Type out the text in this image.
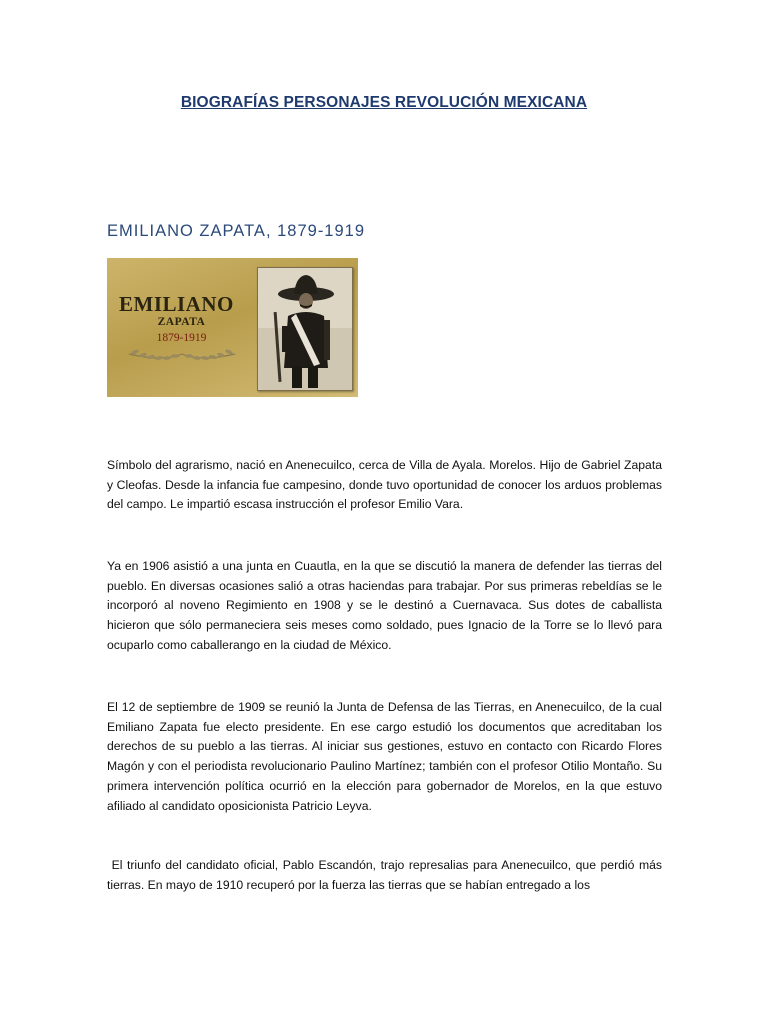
BIOGRAFÍAS PERSONAJES REVOLUCIÓN MEXICANA
EMILIANO ZAPATA, 1879-1919
EMILIANO
ZAPATA
1879-1919
Símbolo del agrarismo, nació en Anenecuilco, cerca de Villa de Ayala. Morelos. Hijo de Gabriel Zapata y Cleofas. Desde la infancia fue campesino, donde tuvo oportunidad de conocer los arduos problemas del campo. Le impartió escasa instrucción el profesor Emilio Vara.
Ya en 1906 asistió a una junta en Cuautla, en la que se discutió la manera de defender las tierras del pueblo. En diversas ocasiones salió a otras haciendas para trabajar. Por sus primeras rebeldías se le incorporó al noveno Regimiento en 1908 y se le destinó a Cuernavaca. Sus dotes de caballista hicieron que sólo permaneciera seis meses como soldado, pues Ignacio de la Torre se lo llevó para ocuparlo como caballerango en la ciudad de México.
El 12 de septiembre de 1909 se reunió la Junta de Defensa de las Tierras, en Anenecuilco, de la cual Emiliano Zapata fue electo presidente. En ese cargo estudió los documentos que acreditaban los derechos de su pueblo a las tierras. Al iniciar sus gestiones, estuvo en contacto con Ricardo Flores Magón y con el periodista revolucionario Paulino Martínez; también con el profesor Otilio Montaño. Su primera intervención política ocurrió en la elección para gobernador de Morelos, en la que estuvo afiliado al candidato oposicionista Patricio Leyva.
El triunfo del candidato oficial, Pablo Escandón, trajo represalias para Anenecuilco, que perdió más tierras. En mayo de 1910 recuperó por la fuerza las tierras que se habían entregado a los
